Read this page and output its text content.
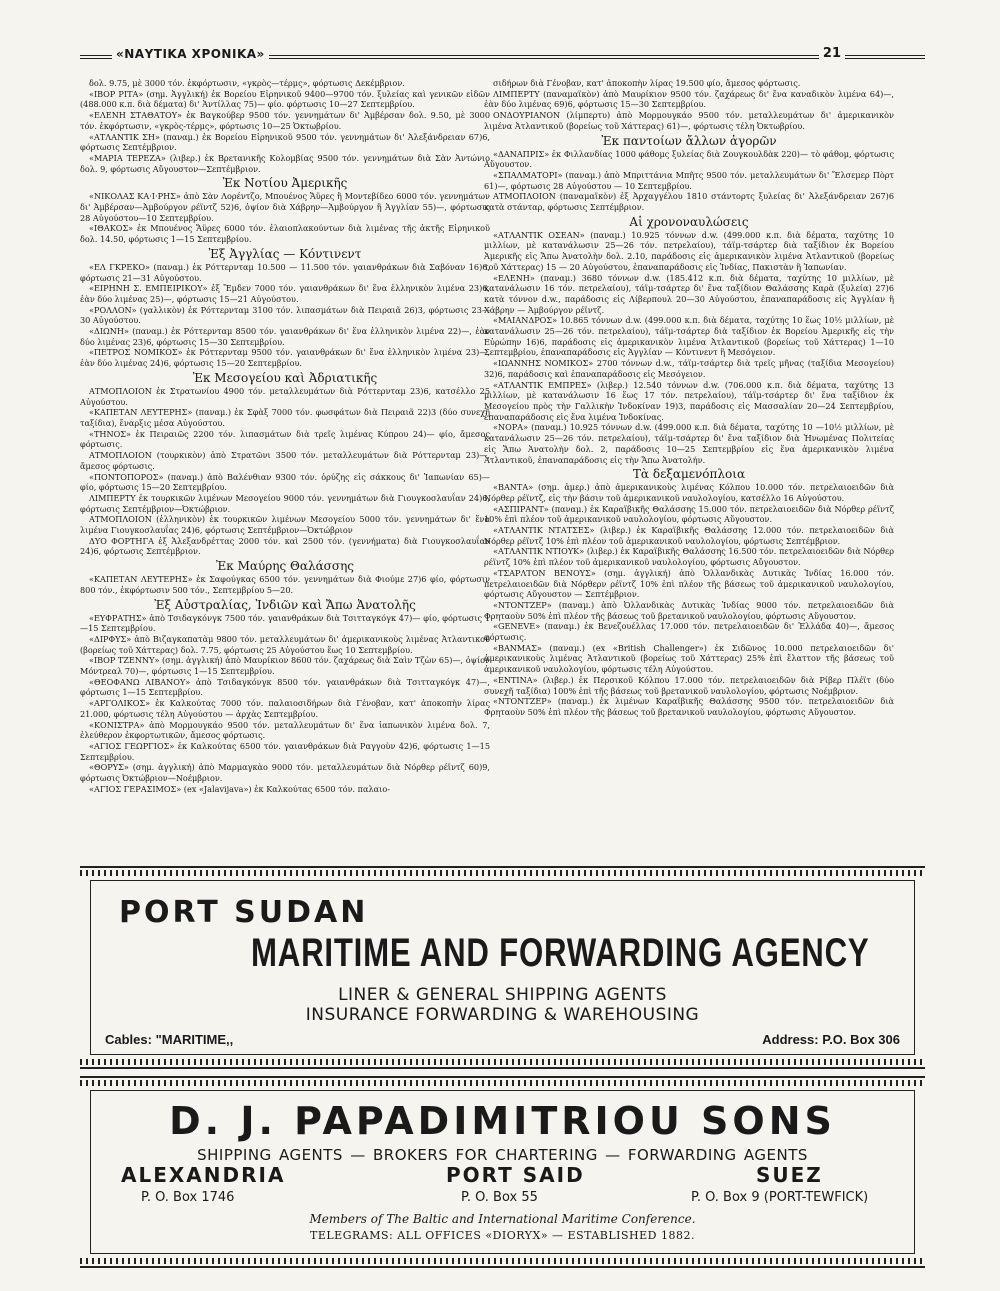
«ΝΑΥΤΙΚΑ ΧΡΟΝΙΚΑ»	21

δολ. 9.75, μὲ 3000 τόν. ἐκφόρτωσιν, «γκρὸς—τέρμς», φόρτωσις Δεκέμβριον.

«ΙΒΟΡ ΡΙΤΑ» (σημ. Ἀγγλική) ἐκ Βορείου Εἰρηνικοῦ 9400—9700 τόν. ξυλείας καὶ γενικῶν εἰδῶν (488.000 κ.π. διὰ δέματα) δι' Ἀντίλλας 75)— φίο. φόρτωσις 10—27 Σεπτεμβρίου.

«ΕΛΕΝΗ ΣΤΑΘΑΤΟΥ» ἐκ Βαγκούβερ 9500 τόν. γεννημάτων δι' Ἀμβέρσαν δολ. 9.50, μὲ 3000 τόν. ἐκφόρτωσιν, «γκρὸς-τέρμς», φόρτωσις 10—25 Ὀκτωβρίου.

«ΑΤΛΑΝΤΙΚ ΣΗ» (παναμ.) ἐκ Βορείου Εἰρηνικοῦ 9500 τόν. γεννημάτων δι' Ἀλεξάνδρειαν 67)6, φόρτωσις Σεπτέμβριον.

«ΜΑΡΙΑ ΤΕΡΕΖΑ» (λιβερ.) ἐκ Βρετανικῆς Κολομβίας 9500 τόν. γεννημάτων διὰ Σὰν Ἀντώνιο δολ. 9, φόρτωσις Αὔγουστον—Σεπτέμβριον.

Ἐκ Νοτίου Ἀμερικῆς

«ΝΙΚΟΛΑΣ ΚΑ·Ι·ΡΗΣ» ἀπὸ Σὰν Λορέντζο, Μπουένος Ἄϋρες ἢ Μοντεβίδεο 6000 τόν. γεννημάτων δι' Ἀμβέρσαν—Ἀμβούργον ρέϊντζ 52)6, ὀψίον διὰ Χάβρην—Ἀμβούργον ἢ Ἀγγλίαν 55)—, φόρτωσις 28 Αὐγούστου—10 Σεπτεμβρίου.

«ΙΘΑΚΟΣ» ἐκ Μπουένος Ἄϋρες 6000 τόν. ἐλαιοπλακούντων διὰ λιμένας τῆς ἀκτῆς Εἰρηνικοῦ δολ. 14.50, φόρτωσις 1—15 Σεπτεμβρίου.

Ἐξ Ἀγγλίας — Κόντινεντ

«ΕΛ ΓΚΡΕΚΟ» (παναμ.) ἐκ Ρόττερνταμ 10.500 — 11.500 τόν. γαιανθράκων διὰ Σαβόναν 16)6, φόρτωσις 21—31 Αὐγούστου.

«ΕΙΡΗΝΗ Σ. ΕΜΠΕΙΡΙΚΟΥ» ἐξ Ἔμδεν 7000 τόν. γαιανθράκων δι' ἕνα ἑλληνικὸν λιμένα 23)6, ἐὰν δύο λιμένας 25)—, φόρτωσις 15—21 Αὐγούστου.

«ΡΟΛΛΟΝ» (γαλλικὸν) ἐκ Ρόττερνταμ 3100 τόν. λιπασμάτων διὰ Πειραιᾶ 26)3, φόρτωσις 23—30 Αὐγούστου.

«ΔΙΩΝΗ» (παναμ.) ἐκ Ρόττερνταμ 8500 τόν. γαιανθράκων δι' ἕνα ἑλληνικὸν λιμένα 22)—, ἐὰν δύο λιμένας 23)6, φόρτωσις 15—30 Σεπτεμβρίου.

«ΠΕΤΡΟΣ ΝΟΜΙΚΟΣ» ἐκ Ρόττερνταμ 9500 τόν. γαιανθράκων δι' ἕνα ἑλληνικὸν λιμένα 23)—, ἐὰν δύο λιμένας 24)6, φόρτωσις 15—20 Σεπτεμβρίου.

Ἐκ Μεσογείου καὶ Ἀδριατικῆς

ΑΤΜΟΠΛΟΙΟΝ ἐκ Στρατωνίου 4900 τόν. μεταλλευμάτων διὰ Ρόττερνταμ 23)6, κατσέλλο 25 Αὐγούστου.

«ΚΑΠΕΤΑΝ ΛΕΥΤΕΡΗΣ» (παναμ.) ἐκ Σφὰξ 7000 τόν. φωσφάτων διὰ Πειραιᾶ 22)3 (δύο συνεχῆ ταξίδια), ἔναρξις μέσα Αὐγούστου.

«ΤΗΝΟΣ» ἐκ Πειραιῶς 2200 τόν. λιπασμάτων διὰ τρεῖς λιμένας Κύπρου 24)— φίο, ἄμεσος φόρτωσις.

ΑΤΜΟΠΛΟΙΟΝ (τουρκικὸν) ἀπὸ Στρατῶνι 3500 τόν. μεταλλευμάτων διὰ Ρόττερνταμ 23)—, ἄμεσος φόρτωσις.

«ΠΟΝΤΟΠΟΡΟΣ» (παναμ.) ἀπὸ Βαλένθιαν 9300 τόν. ὀρύζης εἰς σάκκους δι' Ἰαπωνίαν 65)— φίο, φόρτωσις 15—20 Σεπτεμβρίου.

ΛΙΜΠΕΡΤΥ ἐκ τουρκικῶν λιμένων Μεσογείου 9000 τόν. γεννημάτων διὰ Γιουγκοσλαυΐαν 24)6, φόρτωσις Σεπτέμβριον—Ὀκτώβριον.

ΑΤΜΟΠΛΟΙΟΝ (ἑλληνικὸν) ἐκ τουρκικῶν λιμένων Μεσογείου 5000 τόν. γεννημάτων δι' ἕνα λιμένα Γιουγκοσλαυΐας 24)6, φόρτωσις Σεπτέμβριον—Ὀκτώβριον

ΔΥΟ ΦΟΡΤΗΓΑ ἐξ Ἀλεξανδρέττας 2000 τόν. καὶ 2500 τόν. (γεννήματα) διὰ Γιουγκοσλαυΐαν 24)6, φόρτωσις Σεπτέμβριον.

Ἐκ Μαύρης Θαλάσσης

«ΚΑΠΕΤΑΝ ΛΕΥΤΕΡΗΣ» ἐκ Σαφούγκας 6500 τόν. γεννημάτων διὰ Φιούμε 27)6 φίο, φόρτωσιν 800 τόν., ἐκφόρτωσιν 500 τόν., Σεπτεμβρίου 5—20.

Ἐξ Αὐστραλίας, Ἰνδιῶν καὶ Ἄπω Ἀνατολῆς

«ΕΥΦΡΑΤΗΣ» ἀπὸ Τσιδαγκόνγκ 7500 τόν. γαιανθράκων διὰ Τσιτταγκόγκ 47)— φίο, φόρτωσις 1—15 Σεπτεμβρίου.

«ΔΙΡΦΥΣ» ἀπὸ Βιζαγκαπατὰμ 9800 τόν. μεταλλευμάτων δι' ἀμερικανικοὺς λιμένας Ἀτλαντικοῦ (βορείως τοῦ Χάττερας) δολ. 7.75, φόρτωσις 25 Αὐγούστου ἕως 10 Σεπτεμβρίου.

«ΙΒΟΡ ΤΖΕΝΝΥ» (σημ. ἀγγλική) ἀπὸ Μαυρίκιον 8600 τόν. ζαχάρεως διὰ Σαὶν Τζὼν 65)—, ὀψίον Μόντρεαλ 70)—, φόρτωσις 1—15 Σεπτεμβρίου.

«ΘΕΟΦΑΝΩ ΛΙΒΑΝΟΥ» ἀπὸ Τσιδαγκόνγκ 8500 τόν. γαιανθράκων διὰ Τσιτταγκόγκ 47)—, φόρτωσις 1—15 Σεπτεμβρίου.

«ΑΡΓΟΛΙΚΟΣ» ἐκ Καλκούτας 7000 τόν. παλαιοσιδήρων διὰ Γένοβαν, κατ' ἀποκοπὴν λίρας 21.000, φόρτωσις τέλη Αὐγούστου — ἀρχὰς Σεπτεμβρίου.

«ΚΟΝΙΣΤΡΑ» ἀπὸ Μορμουγκάο 9500 τόν. μεταλλευμάτων δι' ἕνα ἰαπωνικὸν λιμένα δολ. 7, ἐλεύθερον ἐκφορτωτικῶν, ἄμεσος φόρτωσις.

«ΑΓΙΟΣ ΓΕΩΡΓΙΟΣ» ἐκ Καλκούτας 6500 τόν. γαιανθράκων διὰ Ραγγοὺν 42)6, φόρτωσις 1—15 Σεπτεμβρίου.

«ΘΟΡΥΣ» (σημ. ἀγγλική) ἀπὸ Μαρμαγκὰο 9000 τόν. μεταλλευμάτων διὰ Νόρθερ ρέϊντζ 60)9, φόρτωσις Ὀκτώβριον—Νοέμβριον.

«ΑΓΙΟΣ ΓΕΡΑΣΙΜΟΣ» (ex «Jalavijava») ἐκ Καλκούτας 6500 τόν. παλαιο-

σιδήρων διὰ Γένοβαν, κατ' ἀποκοπὴν λίρας 19.500 φίο, ἄμεσος φόρτωσις.

ΛΙΜΠΕΡΤΥ (παναμαϊκὸν) ἀπὸ Μαυρίκιον 9500 τόν. ζαχάρεως δι' ἕνα καναδικὸν λιμένα 64)—, ἐὰν δύο λιμένας 69)6, φόρτωσις 15—30 Σεπτεμβρίου.

ΟΝΔΟΥΡΙΑΝΟΝ (λίμπερτυ) ἀπὸ Μορμουγκάο 9500 τόν. μεταλλευμάτων δι' ἀμερικανικὸν λιμένα Ἀτλαντικοῦ (βορείως τοῦ Χάττερας) 61)—, φόρτωσις τέλη Ὀκτωβρίου.

Ἐκ παντοίων ἄλλων ἀγορῶν

«ΔΑΝΑΠΡΙΣ» ἐκ Φιλλανδίας 1000 φάθομς ξυλείας διὰ Ζουγκουλδὰκ 220)— τὸ φάθομ, φόρτωσις Αὔγουστον.

«ΣΠΑΛΜΑΤΟΡΙ» (παναμ.) ἀπὸ Μπριττάνια Μπῆτς 9500 τόν. μεταλλευμάτων δι' Ἔλσεμερ Πὸρτ 61)—, φόρτωσις 28 Αὐγούστου — 10 Σεπτεμβρίου.

ΑΤΜΟΠΛΟΙΟΝ (παναμαϊκὸν) ἐξ Ἀρχαγγέλου 1810 στάντορτς ξυλείας δι' Ἀλεξάνδρειαν 267)6 κατὰ στάνταρ, φόρτωσις Σεπτέμβριον.

Αἱ χρονοναυλώσεις

«ΑΤΛΑΝΤΙΚ ΟΣΕΑΝ» (παναμ.) 10.925 τόννων d.w. (499.000 κ.π. διὰ δέματα, ταχύτης 10 μιλλίων, μὲ κατανάλωσιν 25—26 τόν. πετρελαίου), τάϊμ-τσάρτερ διὰ ταξίδιον ἐκ Βορείου Ἀμερικῆς εἰς Ἄπω Ἀνατολὴν δολ. 2.10, παράδοσις εἰς ἀμερικανικὸν λιμένα Ἀτλαντικοῦ (βορείως τοῦ Χάττερας) 15 — 20 Αὐγούστου, ἐπαναπαράδοσις εἰς Ἰνδίας, Πακιστὰν ἢ Ἰαπωνίαν.

«ΕΛΕΝΗ» (παναμ.) 3680 τόννων d.w. (185.412 κ.π. διὰ δέματα, ταχύτης 10 μιλλίων, μὲ κατανάλωσιν 16 τόν. πετρελαίου), τάϊμ-τσάρτερ δι' ἕνα ταξίδιον Θαλάσσης Καρὰ (ξυλεία) 27)6 κατὰ τόννον d.w., παράδοσις εἰς Λίβερπουλ 20—30 Αὐγούστου, ἐπαναπαράδοσις εἰς Ἀγγλίαν ἢ Χάβρην — Ἀμβούργον ρέϊντζ.

«ΜΑΙΑΝΔΡΟΣ» 10.865 τόννων d.w. (499.000 κ.π. διὰ δέματα, ταχύτης 10 ἕως 10½ μιλλίων, μὲ κατανάλωσιν 25—26 τόν. πετρελαίου), τάϊμ-τσάρτερ διὰ ταξίδιον ἐκ Βορείου Ἀμερικῆς εἰς τὴν Εὐρώπην 16)6, παράδοσις εἰς ἀμερικανικὸν λιμένα Ἀτλαντικοῦ (βορείως τοῦ Χάττερας) 1—10 Σεπτεμβρίου, ἐπαναπαράδοσις εἰς Ἀγγλίαν — Κόντινεντ ἢ Μεσόγειον.

«ΙΩΑΝΝΗΣ ΝΟΜΙΚΟΣ» 2700 τόννων d.w., τάϊμ-τσάρτερ διὰ τρεῖς μῆνας (ταξίδια Μεσογείου) 32)6, παράδοσις καὶ ἐπαναπαράδοσις εἰς Μεσόγειον.

«ΑΤΛΑΝΤΙΚ ΕΜΠΡΕΣ» (λιβερ.) 12.540 τόννων d.w. (706.000 κ.π. διὰ δέματα, ταχύτης 13 μιλλίων, μὲ κατανάλωσιν 16 ἕως 17 τόν. πετρελαίου), τάϊμ-τσάρτερ δι' ἕνα ταξίδιον ἐκ Μεσογείου πρὸς τὴν Γαλλικὴν Ἰνδοκίναν 19)3, παράδοσις εἰς Μασσαλίαν 20—24 Σεπτεμβρίου, ἐπαναπαράδοσις εἰς ἕνα λιμένα Ἰνδοκίνας.

«ΝΟΡΑ» (παναμ.) 10.925 τόννων d.w. (499.000 κ.π. διὰ δέματα, ταχύτης 10 —10½ μιλλίων, μὲ κατανάλωσιν 25—26 τόν. πετρελαίου), τάϊμ-τσάρτερ δι' ἕνα ταξίδιον διὰ Ἡνωμένας Πολιτείας εἰς Ἄπω Ἀνατολὴν δολ. 2, παράδοσις 10—25 Σεπτεμβρίου εἰς ἕνα ἀμερικανικὸν λιμένα Ἀτλαντικοῦ, ἐπαναπαράδοσις εἰς τὴν Ἄπω Ἀνατολήν.

Τὰ δεξαμενόπλοια

«ΒΑΝΤΑ» (σημ. ἀμερ.) ἀπὸ ἀμερικανικοὺς λιμένας Κόλπου 10.000 τόν. πετρελαιοειδῶν διὰ Νόρθερ ρέϊντζ, εἰς τὴν βάσιν τοῦ ἀμερικανικοῦ ναυλολογίου, κατσέλλο 16 Αὐγούστου.

«ΑΣΠΙΡΑΝΤ» (παναμ.) ἐκ Καραϊβικῆς Θαλάσσης 15.000 τόν. πετρελαιοειδῶν διὰ Νόρθερ ρέϊντζ 10% ἐπὶ πλέον τοῦ ἀμερικανικοῦ ναυλολογίου, φόρτωσις Αὔγουστον.

«ΑΤΛΑΝΤΙΚ ΝΤΑΤΣΕΣ» (λιβερ.) ἐκ Καραϊβικῆς Θαλάσσης 12.000 τόν. πετρελαιοειδῶν διὰ Νόρθερ ρέϊντζ 10% ἐπὶ πλέον τοῦ ἀμερικανικοῦ ναυλολογίου, φόρτωσις Σεπτέμβριον.

«ΑΤΛΑΝΤΙΚ ΝΤΙΟΥΚ» (λιβερ.) ἐκ Καραϊβικῆς Θαλάσσης 16.500 τόν. πετρελαιοειδῶν διὰ Νόρθερ ρέϊντζ 10% ἐπὶ πλέον τοῦ ἀμερικανικοῦ ναυλολογίου, φόρτωσις Αὔγουστον.

«ΤΣΑΡΛΤΟΝ ΒΕΝΟΥΣ» (σημ. ἀγγλική) ἀπὸ Ὀλλανδικὰς Δυτικὰς Ἰνδίας 16.000 τόν. πετρελαιοειδῶν διὰ Νόρθερν ρέϊντζ 10% ἐπὶ πλέον τῆς βάσεως τοῦ ἀμερικανικοῦ ναυλολογίου, φόρτωσις Αὔγουστον — Σεπτέμβριον.

«ΝΤΟΝΤΖΕΡ» (παναμ.) ἀπὸ Ὀλλανδικὰς Δυτικὰς Ἰνδίας 9000 τόν. πετρελαιοειδῶν διὰ Φρηταοὺν 50% ἐπὶ πλέον τῆς βάσεως τοῦ βρετανικοῦ ναυλολογίου, φόρτωσις Αὔγουστον.

«GENEVE» (παναμ.) ἐκ Βενεζουέλλας 17.000 τόν. πετρελαιοειδῶν δι' Ἑλλάδα 40)—, ἄμεσος φόρτωσις.

«ΒΑΝΜΑΣ» (παναμ.) (ex «British Challenger») ἐκ Σιδῶνος 10.000 πετρελαιοειδῶν δι' ἀμερικανικοὺς λιμένας Ἀτλαντικοῦ (βορείως τοῦ Χάττερας) 25% ἐπὶ ἔλαττον τῆς βάσεως τοῦ ἀμερικανικοῦ ναυλολογίου, φόρτωσις τέλη Αὐγούστου.

«ΕΝΤΙΝΑ» (λιβερ.) ἐκ Περσικοῦ Κόλπου 17.000 τόν. πετρελαιοειδῶν διὰ Ρίβερ Πλέϊτ (δύο συνεχῆ ταξίδια) 100% ἐπὶ τῆς βάσεως τοῦ βρετανικοῦ ναυλολογίου, φόρτωσις Νοέμβριον.

«ΝΤΟΝΤΖΕΡ» (παναμ.) ἐκ λιμένων Καραϊβικῆς Θαλάσσης 9500 τόν. πετρελαιοειδῶν διὰ Φρηταοὺν 50% ἐπὶ πλέον τῆς βάσεως τοῦ βρετανικοῦ ναυλολογίου, φόρτωσις Αὔγουστον.

PORT SUDAN
MARITIME AND FORWARDING AGENCY
LINER & GENERAL SHIPPING AGENTS
INSURANCE FORWARDING & WAREHOUSING
Cables: "MARITIME,,	Address: P.O. Box 306
D. J. PAPADIMITRIOU SONS
SHIPPING AGENTS — BROKERS FOR CHARTERING — FORWARDING AGENTS
ALEXANDRIA	PORT SAID	SUEZ
P. O. Box 1746	P. O. Box 55	P. O. Box 9 (PORT-TEWFICK)
Members of The Baltic and International Maritime Conference.
TELEGRAMS: ALL OFFICES «DIORYX» — ESTABLISHED 1882.
